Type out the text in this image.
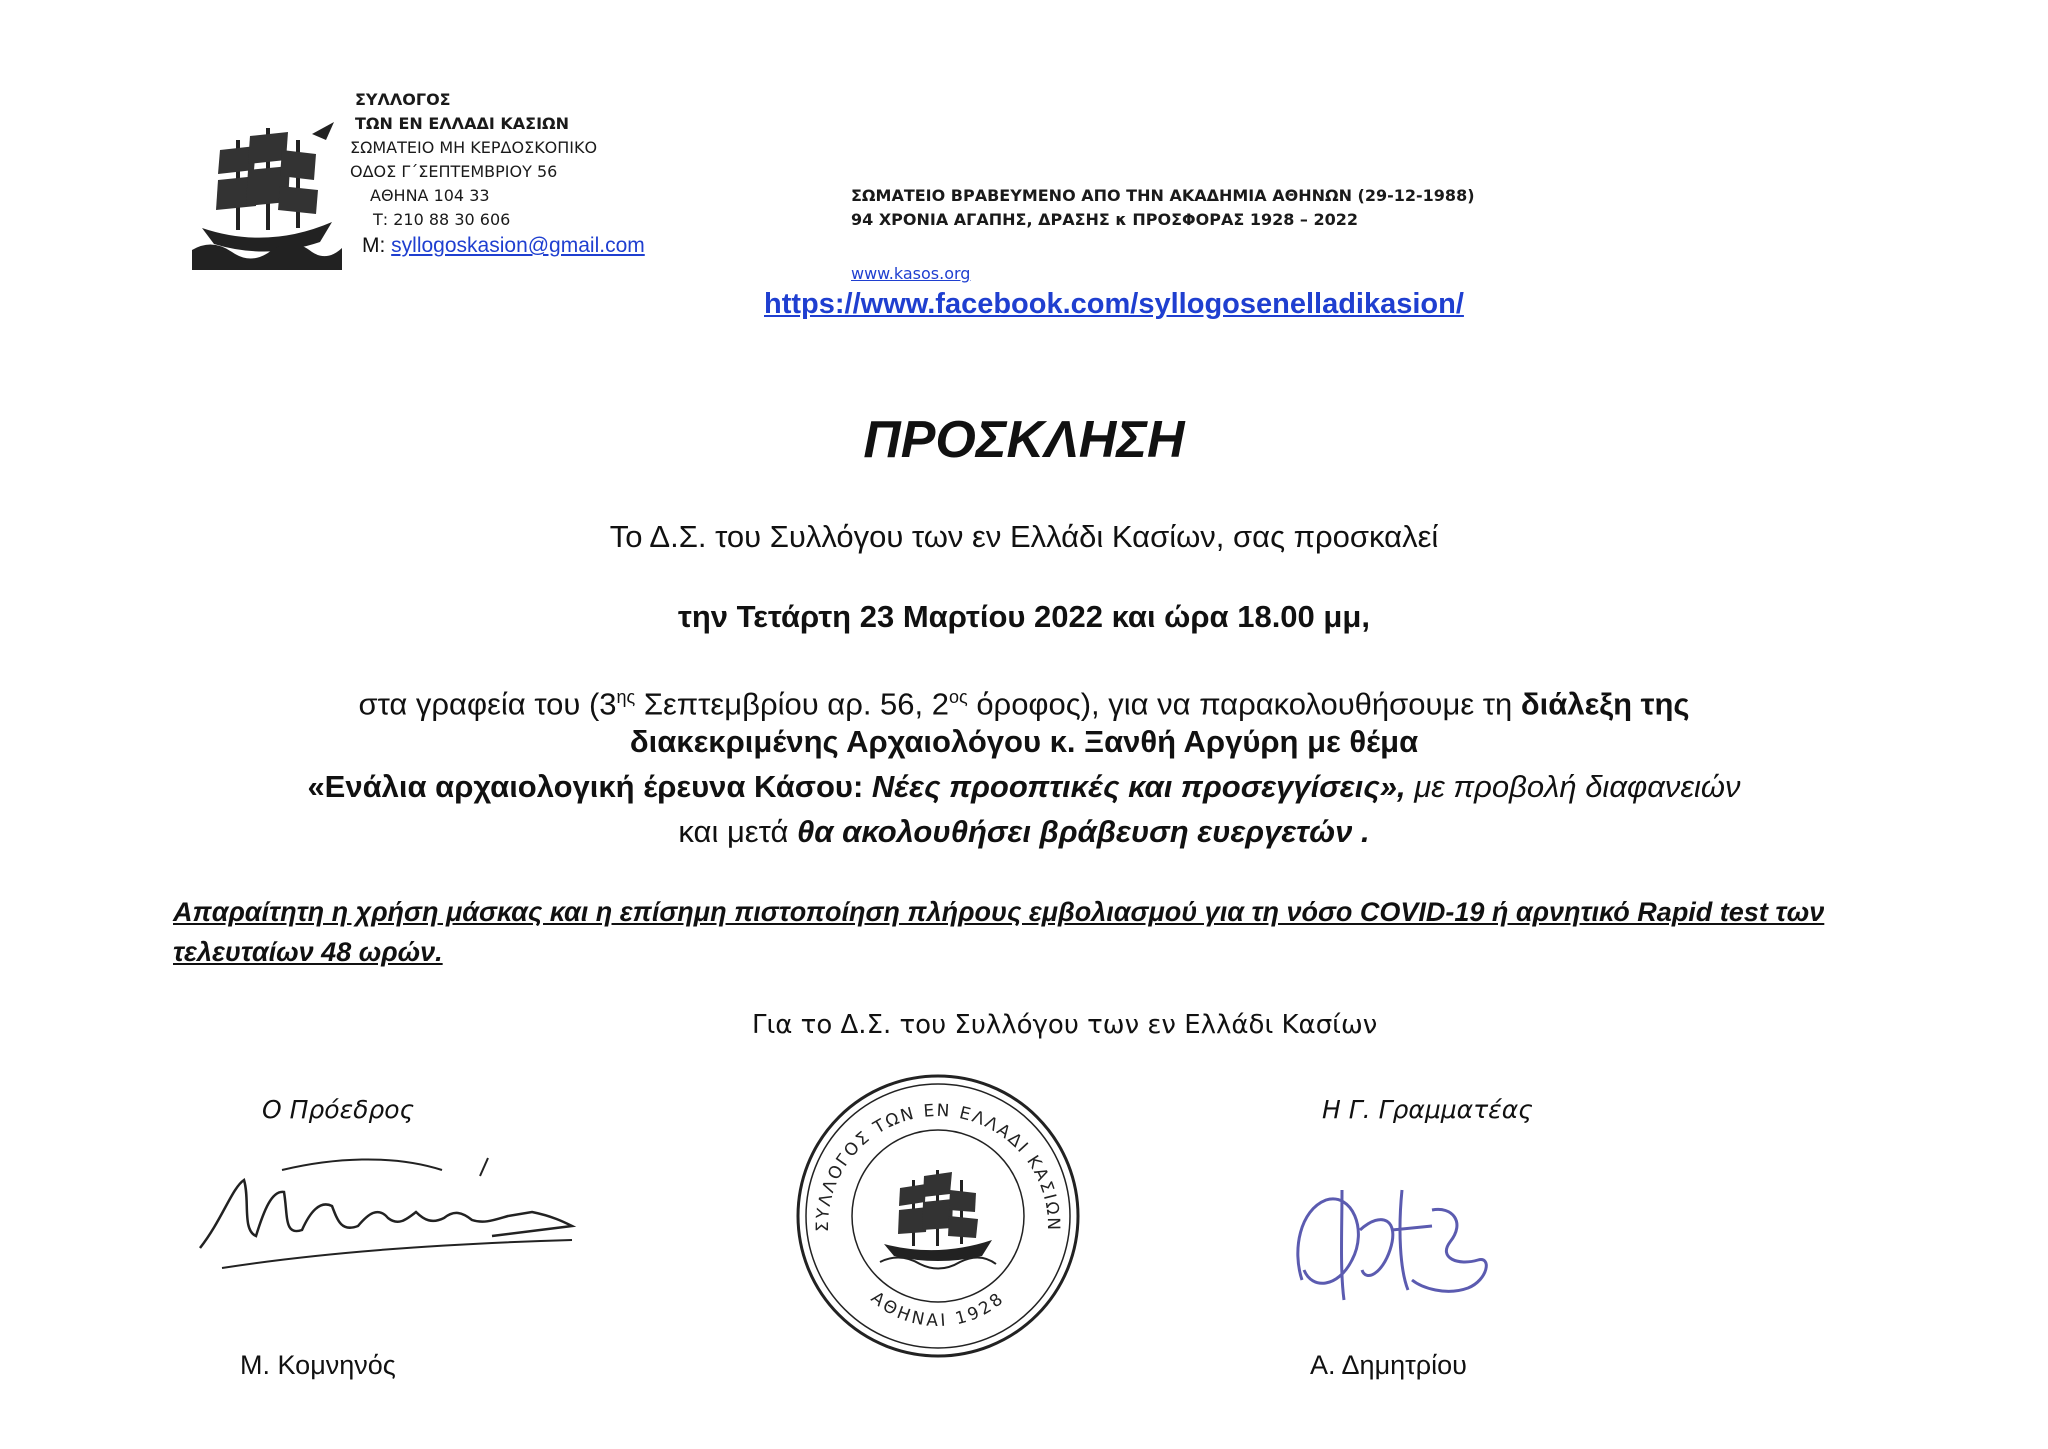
ΣΥΛΛΟΓΟΣ
ΤΩΝ ΕΝ ΕΛΛΑΔΙ ΚΑΣΙΩΝ
ΣΩΜΑΤΕΙΟ ΜΗ ΚΕΡΔΟΣΚΟΠΙΚΟ
ΟΔΟΣ Γ΄ΣΕΠΤΕΜΒΡΙΟΥ 56
ΑΘΗΝΑ 104 33
Τ: 210 88 30 606
M: syllogoskasion@gmail.com
ΣΩΜΑΤΕΙΟ ΒΡΑΒΕΥΜΕΝΟ ΑΠΟ ΤΗΝ ΑΚΑΔΗΜΙΑ ΑΘΗΝΩΝ (29-12-1988)
94 ΧΡΟΝΙΑ ΑΓΑΠΗΣ, ΔΡΑΣΗΣ κ ΠΡΟΣΦΟΡΑΣ 1928 – 2022
www.kasos.org
https://www.facebook.com/syllogosenelladikasion/
ΠΡΟΣΚΛΗΣΗ
Το Δ.Σ. του Συλλόγου των εν Ελλάδι Κασίων, σας προσκαλεί
την Τετάρτη 23 Μαρτίου 2022 και ώρα 18.00 μμ,
στα γραφεία του ($3^{\eta\varsigma}$ Σεπτεμβρίου αρ. 56, $2^{o\varsigma}$ όροφος), για να παρακολουθήσουμε τη διάλεξη της
διακεκριμένης Αρχαιολόγου κ. Ξανθή Αργύρη με θέμα
«Ενάλια αρχαιολογική έρευνα Κάσου: Νέες προοπτικές και προσεγγίσεις», με προβολή διαφανειών
και μετά θα ακολουθήσει βράβευση ευεργετών .
Απαραίτητη η χρήση μάσκας και η επίσημη πιστοποίηση πλήρους εμβολιασμού για τη νόσο COVID-19 ή αρνητικό Rapid test των τελευταίων 48 ωρών.
Για το Δ.Σ. του Συλλόγου των εν Ελλάδι Κασίων
Ο Πρόεδρος	Η Γ. Γραμματέας
ΣΥΛΛΟΓΟΣ ΤΩΝ ΕΝ ΕΛΛΑΔΙ ΚΑΣΙΩΝ
ΑΘΗΝΑΙ 1928
Μ. Κομνηνός	Α. Δημητρίου
